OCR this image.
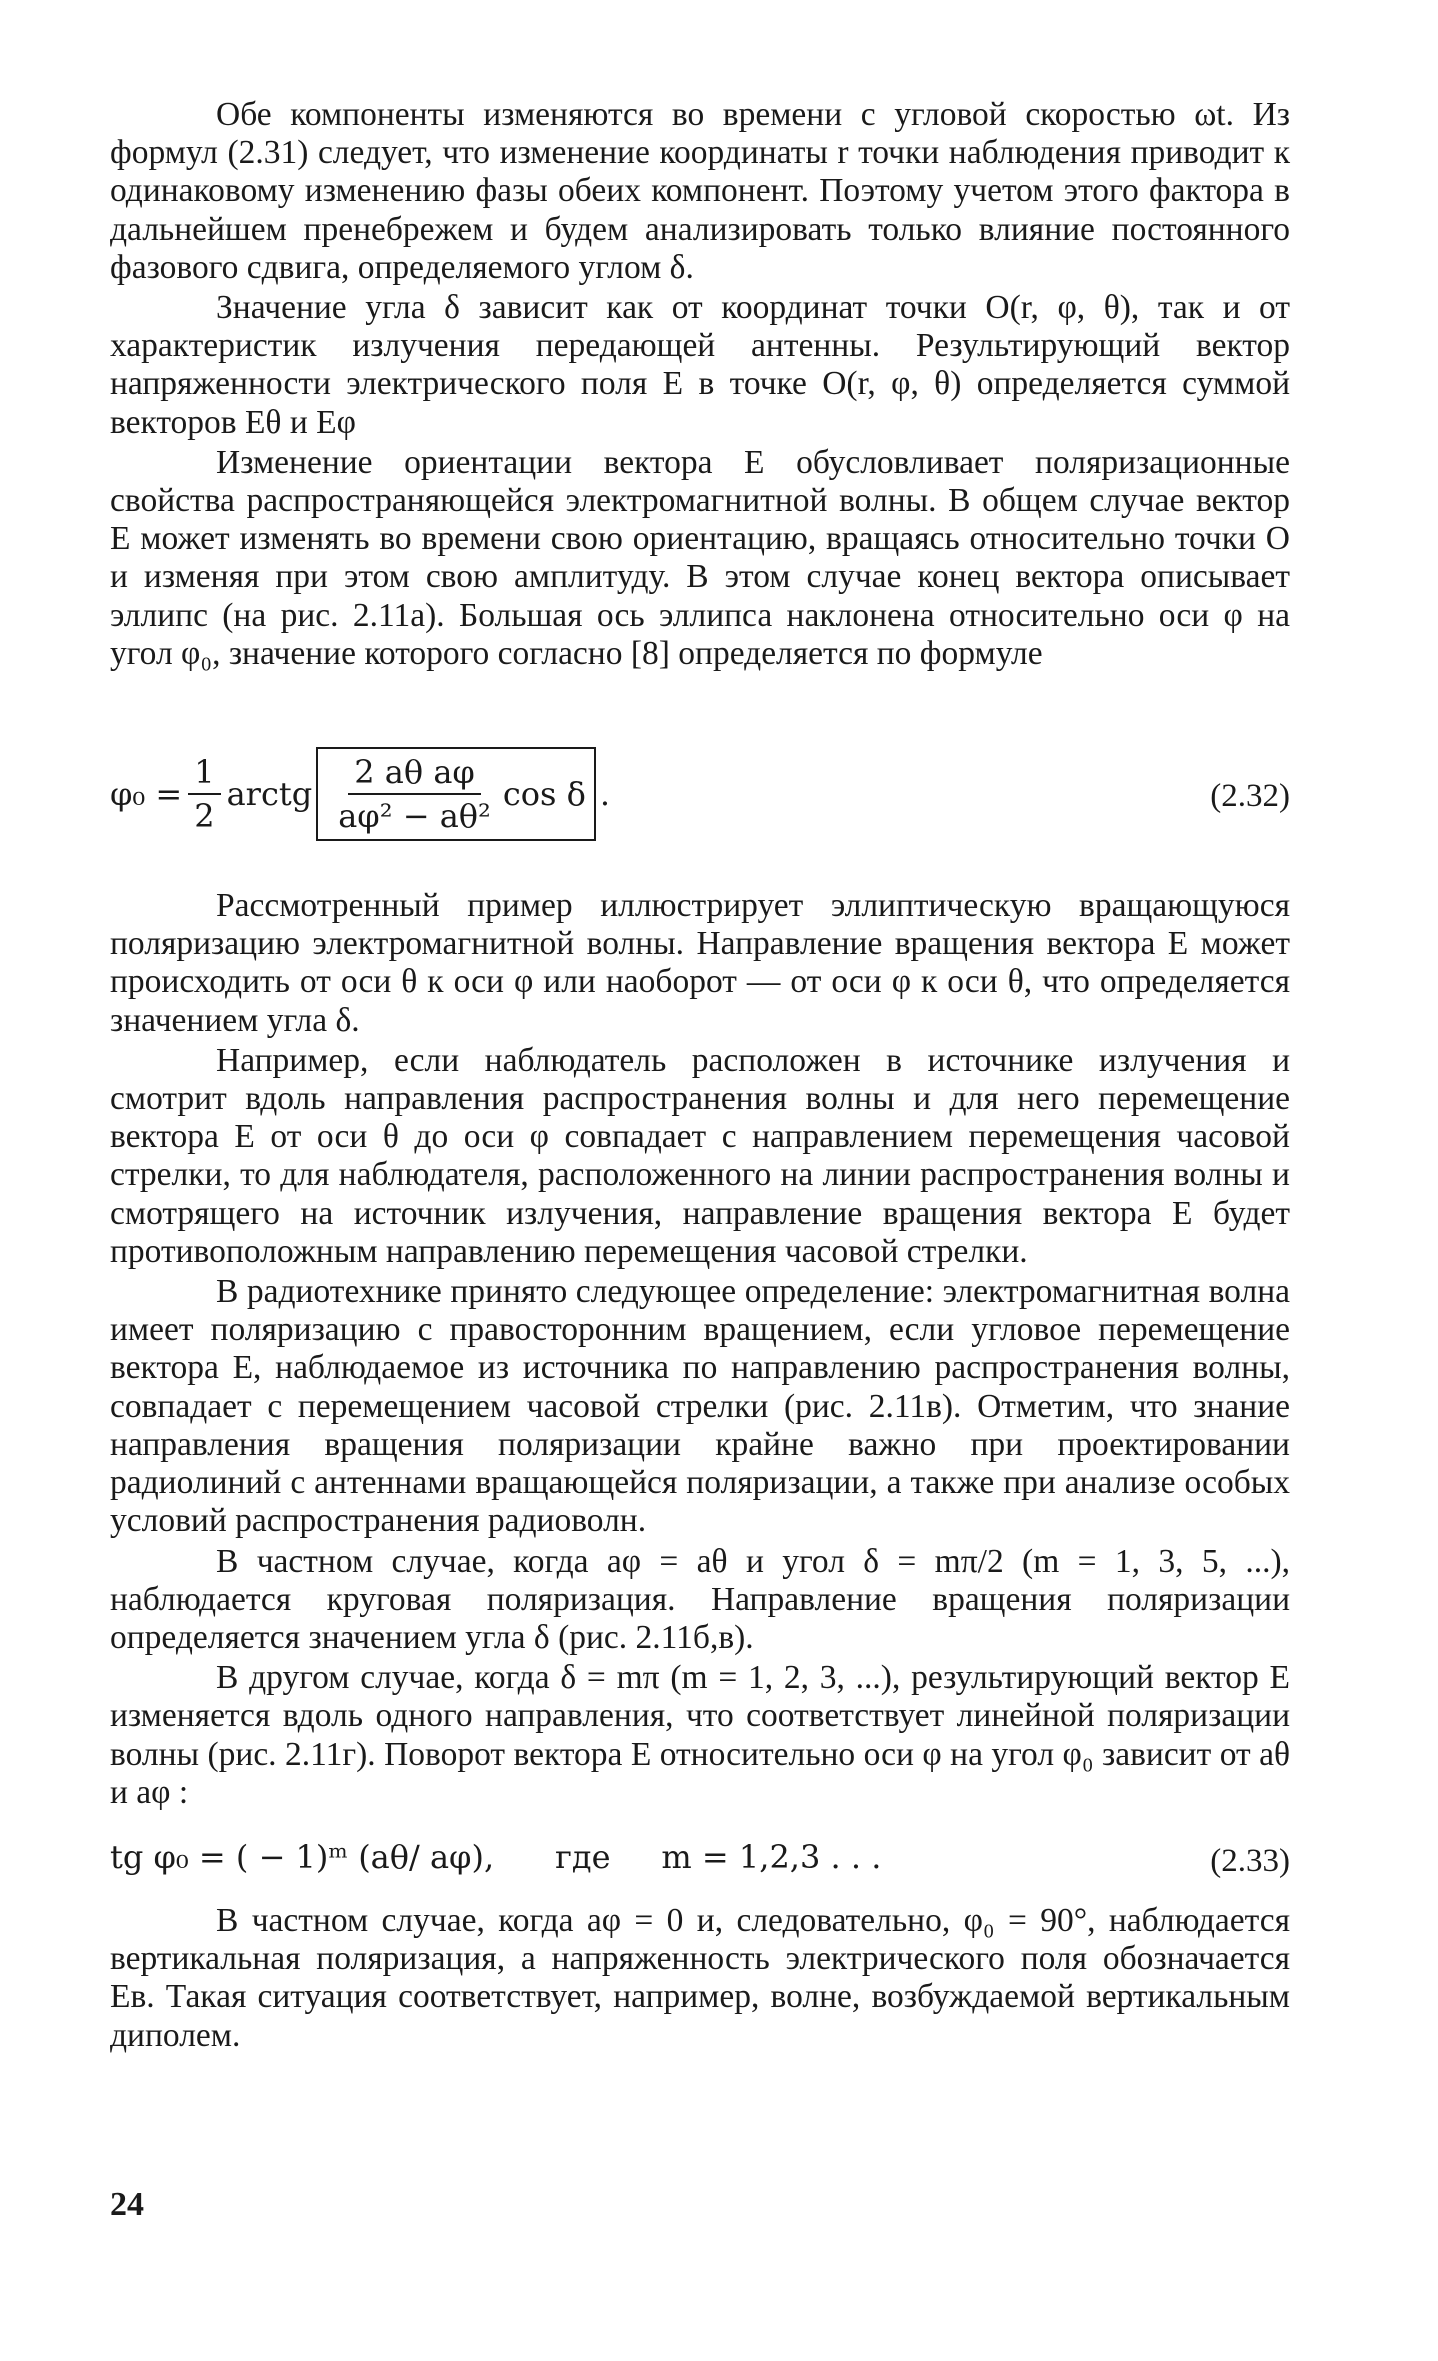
Обе компоненты изменяются во времени с угловой скоростью ωt. Из формул (2.31) следует, что изменение координаты r точки наблюдения приводит к одинаковому изменению фазы обеих компонент. Поэтому учетом этого фактора в дальнейшем пренебрежем и будем анализировать только влияние постоянного фазового сдвига, определяемого углом δ.

Значение угла δ зависит как от координат точки O(r, φ, θ), так и от характеристик излучения передающей антенны. Результирующий вектор напряженности электрического поля E в точке O(r, φ, θ) определяется суммой векторов Eθ и Eφ

Изменение ориентации вектора E обусловливает поляризационные свойства распространяющейся электромагнитной волны. В общем случае вектор E может изменять во времени свою ориентацию, вращаясь относительно точки O и изменяя при этом свою амплитуду. В этом случае конец вектора описывает эллипс (на рис. 2.11а). Большая ось эллипса наклонена относительно оси φ на угол φ₀, значение которого согласно [8] определяется по формуле

$\varphi_0 = \frac{1}{2}$ arctg $\frac{\text{2 aθ aφ}}{\text{aφ² − aθ²}}$ cos δ .	(2.32)

Рассмотренный пример иллюстрирует эллиптическую вращающуюся поляризацию электромагнитной волны. Направление вращения вектора E может происходить от оси θ к оси φ или наоборот — от оси φ к оси θ, что определяется значением угла δ.

Например, если наблюдатель расположен в источнике излучения и смотрит вдоль направления распространения волны и для него перемещение вектора E от оси θ до оси φ совпадает с направлением перемещения часовой стрелки, то для наблюдателя, расположенного на линии распространения волны и смотрящего на источник излучения, направление вращения вектора E будет противоположным направлению перемещения часовой стрелки.

В радиотехнике принято следующее определение: электромагнитная волна имеет поляризацию с правосторонним вращением, если угловое перемещение вектора E, наблюдаемое из источника по направлению распространения волны, совпадает с перемещением часовой стрелки (рис. 2.11в). Отметим, что знание направления вращения поляризации крайне важно при проектировании радиолиний с антеннами вращающейся поляризации, а также при анализе особых условий распространения радиоволн.

В частном случае, когда aφ = aθ и угол δ = mπ/2 (m = 1, 3, 5, ...), наблюдается круговая поляризация. Направление вращения поляризации определяется значением угла δ (рис. 2.11б,в).

В другом случае, когда δ = mπ (m = 1, 2, 3, ...), результирующий вектор E изменяется вдоль одного направления, что соответствует линейной поляризации волны (рис. 2.11г). Поворот вектора E относительно оси φ на угол φ₀ зависит от aθ и aφ :

tg φ₀ = ( − 1)ᵐ (aθ/ aφ), где m = 1,2,3 . . .	(2.33)

В частном случае, когда aφ = 0 и, следовательно, φ₀ = 90°, наблюдается вертикальная поляризация, а напряженность электрического поля обозначается Eв. Такая ситуация соответствует, например, волне, возбуждаемой вертикальным диполем.

24
